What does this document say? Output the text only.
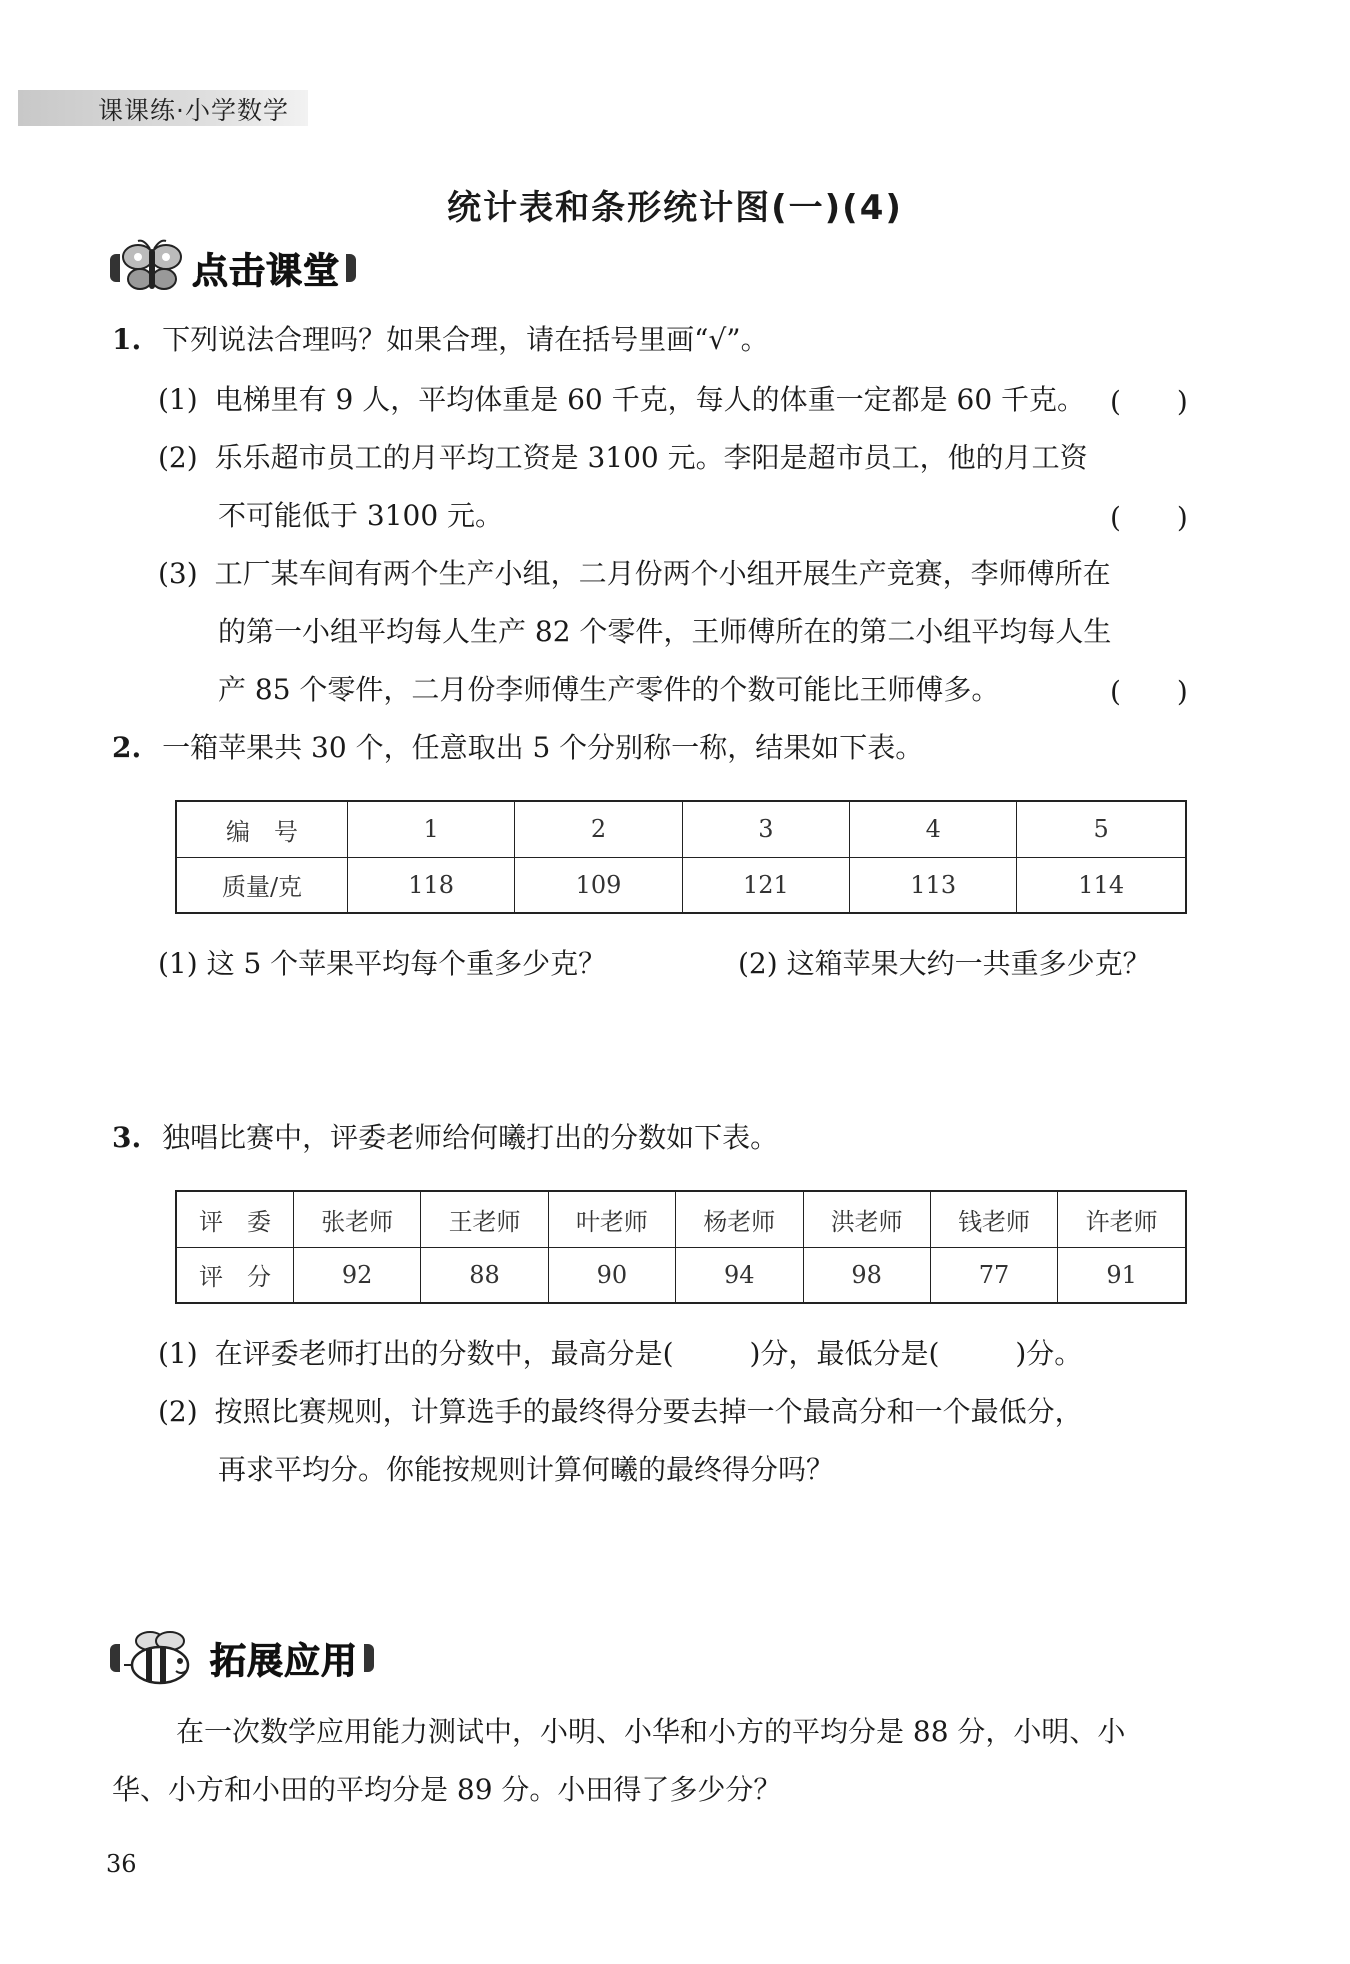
课课练·小学数学
统计表和条形统计图(一)(4)
点击课堂
1. 下列说法合理吗？如果合理，请在括号里画“√”。
(1) 电梯里有 9 人，平均体重是 60 千克，每人的体重一定都是 60 千克。 (　　)
(2) 乐乐超市员工的月平均工资是 3100 元。李阳是超市员工，他的月工资
不可能低于 3100 元。	(　　)
(3) 工厂某车间有两个生产小组，二月份两个小组开展生产竞赛，李师傅所在
的第一小组平均每人生产 82 个零件，王师傅所在的第二小组平均每人生
产 85 个零件，二月份李师傅生产零件的个数可能比王师傅多。	(　　)
2. 一箱苹果共 30 个，任意取出 5 个分别称一称，结果如下表。
编　号	1	2	3	4	5
质量/克	118	109	121	113	114
(1) 这 5 个苹果平均每个重多少克？	(2) 这箱苹果大约一共重多少克？
3. 独唱比赛中，评委老师给何曦打出的分数如下表。
评　委	张老师	王老师	叶老师	杨老师	洪老师	钱老师	许老师
评　分	92	88	90	94	98	77	91
(1) 在评委老师打出的分数中，最高分是(	)分，最低分是(	)分。
(2) 按照比赛规则，计算选手的最终得分要去掉一个最高分和一个最低分，
再求平均分。你能按规则计算何曦的最终得分吗？
拓展应用
在一次数学应用能力测试中，小明、小华和小方的平均分是 88 分，小明、小
华、小方和小田的平均分是 89 分。小田得了多少分？
36
